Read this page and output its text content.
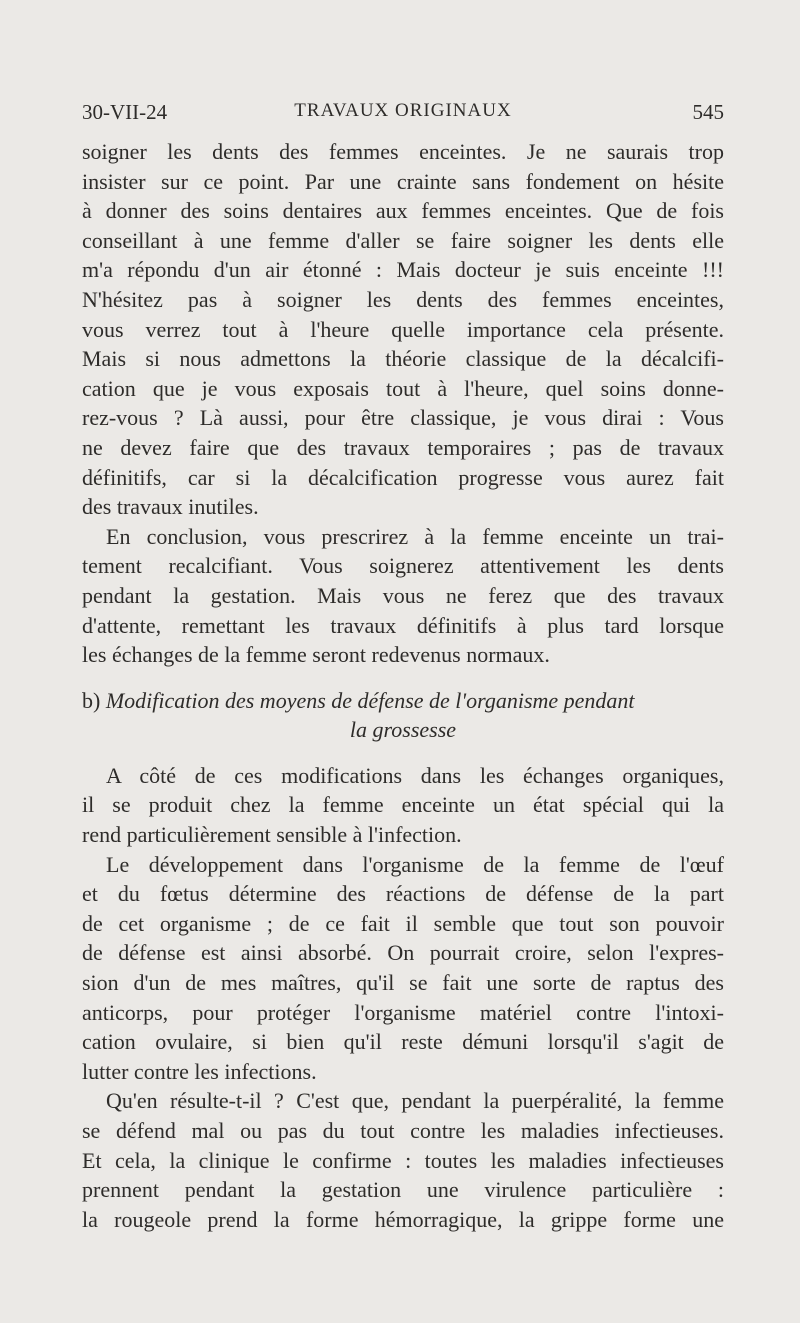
30-VII-24	TRAVAUX ORIGINAUX	545
soigner les dents des femmes enceintes. Je ne saurais trop
insister sur ce point. Par une crainte sans fondement on hésite
à donner des soins dentaires aux femmes enceintes. Que de fois
conseillant à une femme d'aller se faire soigner les dents elle
m'a répondu d'un air étonné : Mais docteur je suis enceinte !!!
N'hésitez pas à soigner les dents des femmes enceintes,
vous verrez tout à l'heure quelle importance cela présente.
Mais si nous admettons la théorie classique de la décalcifi-
cation que je vous exposais tout à l'heure, quel soins donne-
rez-vous ? Là aussi, pour être classique, je vous dirai : Vous
ne devez faire que des travaux temporaires ; pas de travaux
définitifs, car si la décalcification progresse vous aurez fait
des travaux inutiles.
En conclusion, vous prescrirez à la femme enceinte un trai-
tement recalcifiant. Vous soignerez attentivement les dents
pendant la gestation. Mais vous ne ferez que des travaux
d'attente, remettant les travaux définitifs à plus tard lorsque
les échanges de la femme seront redevenus normaux.
b) Modification des moyens de défense de l'organisme pendant
la grossesse
A côté de ces modifications dans les échanges organiques,
il se produit chez la femme enceinte un état spécial qui la
rend particulièrement sensible à l'infection.
Le développement dans l'organisme de la femme de l'œuf
et du fœtus détermine des réactions de défense de la part
de cet organisme ; de ce fait il semble que tout son pouvoir
de défense est ainsi absorbé. On pourrait croire, selon l'expres-
sion d'un de mes maîtres, qu'il se fait une sorte de raptus des
anticorps, pour protéger l'organisme matériel contre l'intoxi-
cation ovulaire, si bien qu'il reste démuni lorsqu'il s'agit de
lutter contre les infections.
Qu'en résulte-t-il ? C'est que, pendant la puerpéralité, la femme
se défend mal ou pas du tout contre les maladies infectieuses.
Et cela, la clinique le confirme : toutes les maladies infectieuses
prennent pendant la gestation une virulence particulière :
la rougeole prend la forme hémorragique, la grippe forme une
